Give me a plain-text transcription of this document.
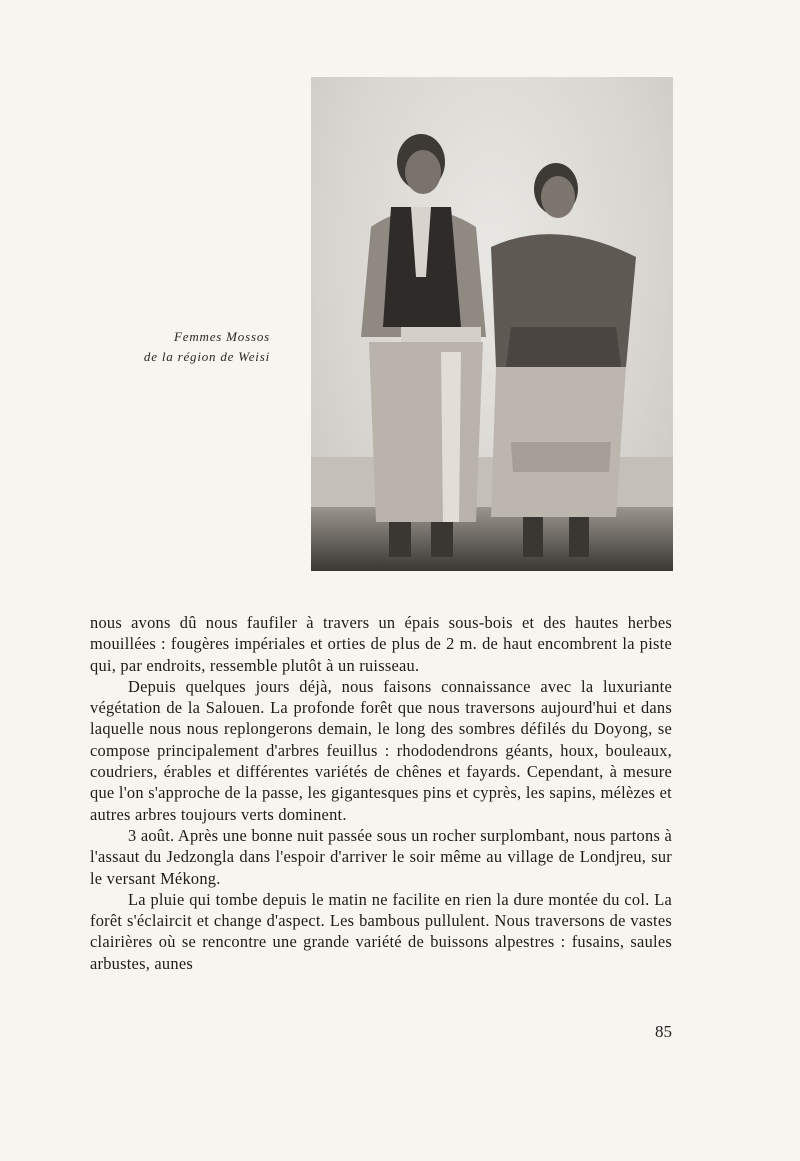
Femmes Mossos
de la région de Weisi

nous avons dû nous faufiler à travers un épais sous-bois et des hautes herbes mouillées : fougères impériales et orties de plus de 2 m. de haut encombrent la piste qui, par endroits, ressemble plutôt à un ruisseau.

Depuis quelques jours déjà, nous faisons connaissance avec la luxuriante végétation de la Salouen. La profonde forêt que nous traversons aujourd'hui et dans laquelle nous nous replongerons demain, le long des sombres défilés du Doyong, se compose principalement d'arbres feuillus : rhododendrons géants, houx, bouleaux, coudriers, érables et différentes variétés de chênes et fayards. Cependant, à mesure que l'on s'approche de la passe, les gigantesques pins et cyprès, les sapins, mélèzes et autres arbres toujours verts dominent.

3 août. Après une bonne nuit passée sous un rocher surplombant, nous partons à l'assaut du Jedzongla dans l'espoir d'arriver le soir même au village de Londjreu, sur le versant Mékong.

La pluie qui tombe depuis le matin ne facilite en rien la dure montée du col. La forêt s'éclaircit et change d'aspect. Les bambous pullulent. Nous traversons de vastes clairières où se rencontre une grande variété de buissons alpestres : fusains, saules arbustes, aunes

85
